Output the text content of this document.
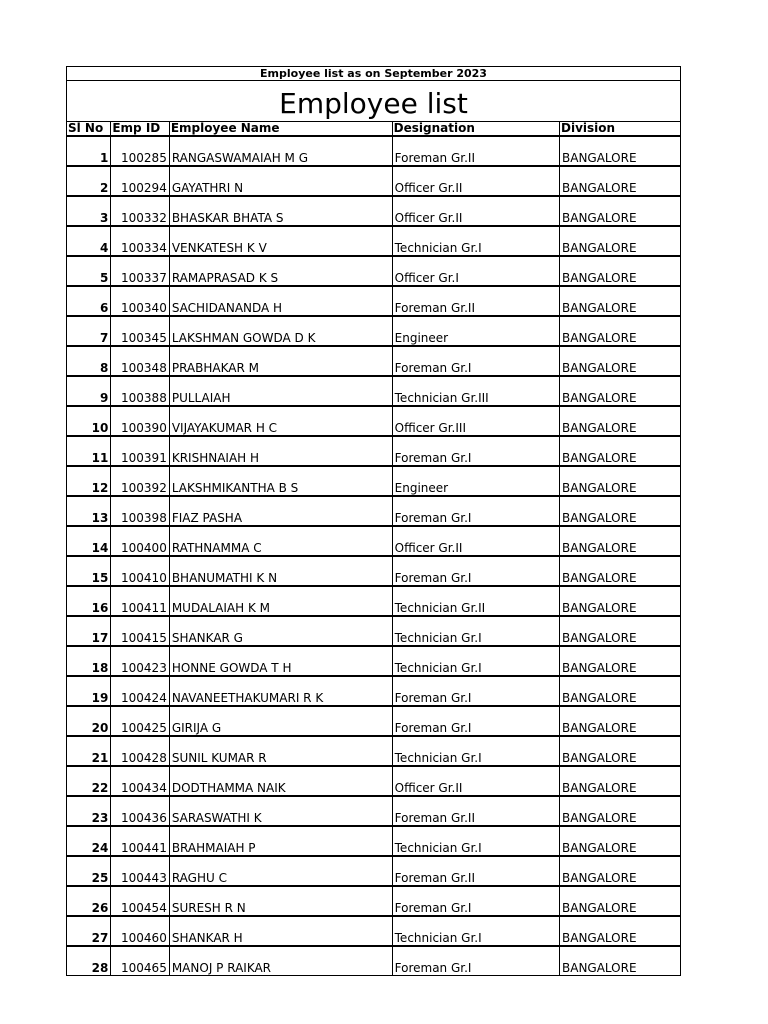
Employee list as on September 2023
Employee list
Sl No	Emp ID	Employee Name	Designation	Division
1	100285	RANGASWAMAIAH M G	Foreman Gr.II	BANGALORE
2	100294	GAYATHRI N	Officer Gr.II	BANGALORE
3	100332	BHASKAR BHATA S	Officer Gr.II	BANGALORE
4	100334	VENKATESH K V	Technician Gr.I	BANGALORE
5	100337	RAMAPRASAD K S	Officer Gr.I	BANGALORE
6	100340	SACHIDANANDA H	Foreman Gr.II	BANGALORE
7	100345	LAKSHMAN GOWDA D K	Engineer	BANGALORE
8	100348	PRABHAKAR M	Foreman Gr.I	BANGALORE
9	100388	PULLAIAH	Technician Gr.III	BANGALORE
10	100390	VIJAYAKUMAR H C	Officer Gr.III	BANGALORE
11	100391	KRISHNAIAH H	Foreman Gr.I	BANGALORE
12	100392	LAKSHMIKANTHA B S	Engineer	BANGALORE
13	100398	FIAZ PASHA	Foreman Gr.I	BANGALORE
14	100400	RATHNAMMA C	Officer Gr.II	BANGALORE
15	100410	BHANUMATHI K N	Foreman Gr.I	BANGALORE
16	100411	MUDALAIAH K M	Technician Gr.II	BANGALORE
17	100415	SHANKAR G	Technician Gr.I	BANGALORE
18	100423	HONNE GOWDA T H	Technician Gr.I	BANGALORE
19	100424	NAVANEETHAKUMARI R K	Foreman Gr.I	BANGALORE
20	100425	GIRIJA G	Foreman Gr.I	BANGALORE
21	100428	SUNIL KUMAR R	Technician Gr.I	BANGALORE
22	100434	DODTHAMMA NAIK	Officer Gr.II	BANGALORE
23	100436	SARASWATHI K	Foreman Gr.II	BANGALORE
24	100441	BRAHMAIAH P	Technician Gr.I	BANGALORE
25	100443	RAGHU C	Foreman Gr.II	BANGALORE
26	100454	SURESH R N	Foreman Gr.I	BANGALORE
27	100460	SHANKAR H	Technician Gr.I	BANGALORE
28	100465	MANOJ P RAIKAR	Foreman Gr.I	BANGALORE
